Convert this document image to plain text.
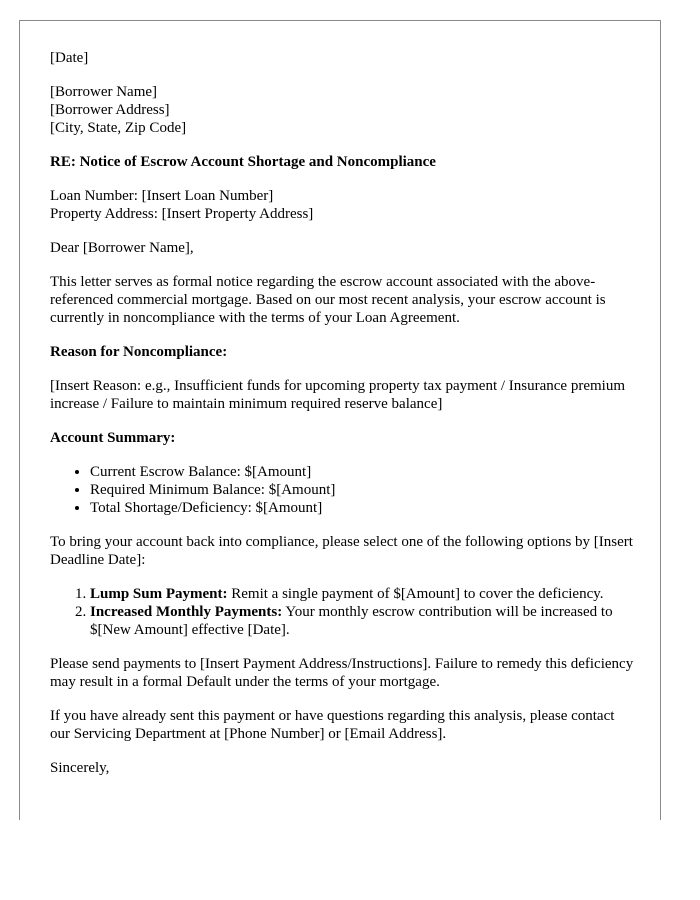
[Date]

[Borrower Name]
[Borrower Address]
[City, State, Zip Code]

RE: Notice of Escrow Account Shortage and Noncompliance

Loan Number: [Insert Loan Number]
Property Address: [Insert Property Address]

Dear [Borrower Name],

This letter serves as formal notice regarding the escrow account associated with the above-referenced commercial mortgage. Based on our most recent analysis, your escrow account is currently in noncompliance with the terms of your Loan Agreement.

Reason for Noncompliance:

[Insert Reason: e.g., Insufficient funds for upcoming property tax payment / Insurance premium increase / Failure to maintain minimum required reserve balance]

Account Summary:

• Current Escrow Balance: $[Amount]
• Required Minimum Balance: $[Amount]
• Total Shortage/Deficiency: $[Amount]

To bring your account back into compliance, please select one of the following options by [Insert Deadline Date]:

1. Lump Sum Payment: Remit a single payment of $[Amount] to cover the deficiency.
2. Increased Monthly Payments: Your monthly escrow contribution will be increased to $[New Amount] effective [Date].

Please send payments to [Insert Payment Address/Instructions]. Failure to remedy this deficiency may result in a formal Default under the terms of your mortgage.

If you have already sent this payment or have questions regarding this analysis, please contact our Servicing Department at [Phone Number] or [Email Address].

Sincerely,
